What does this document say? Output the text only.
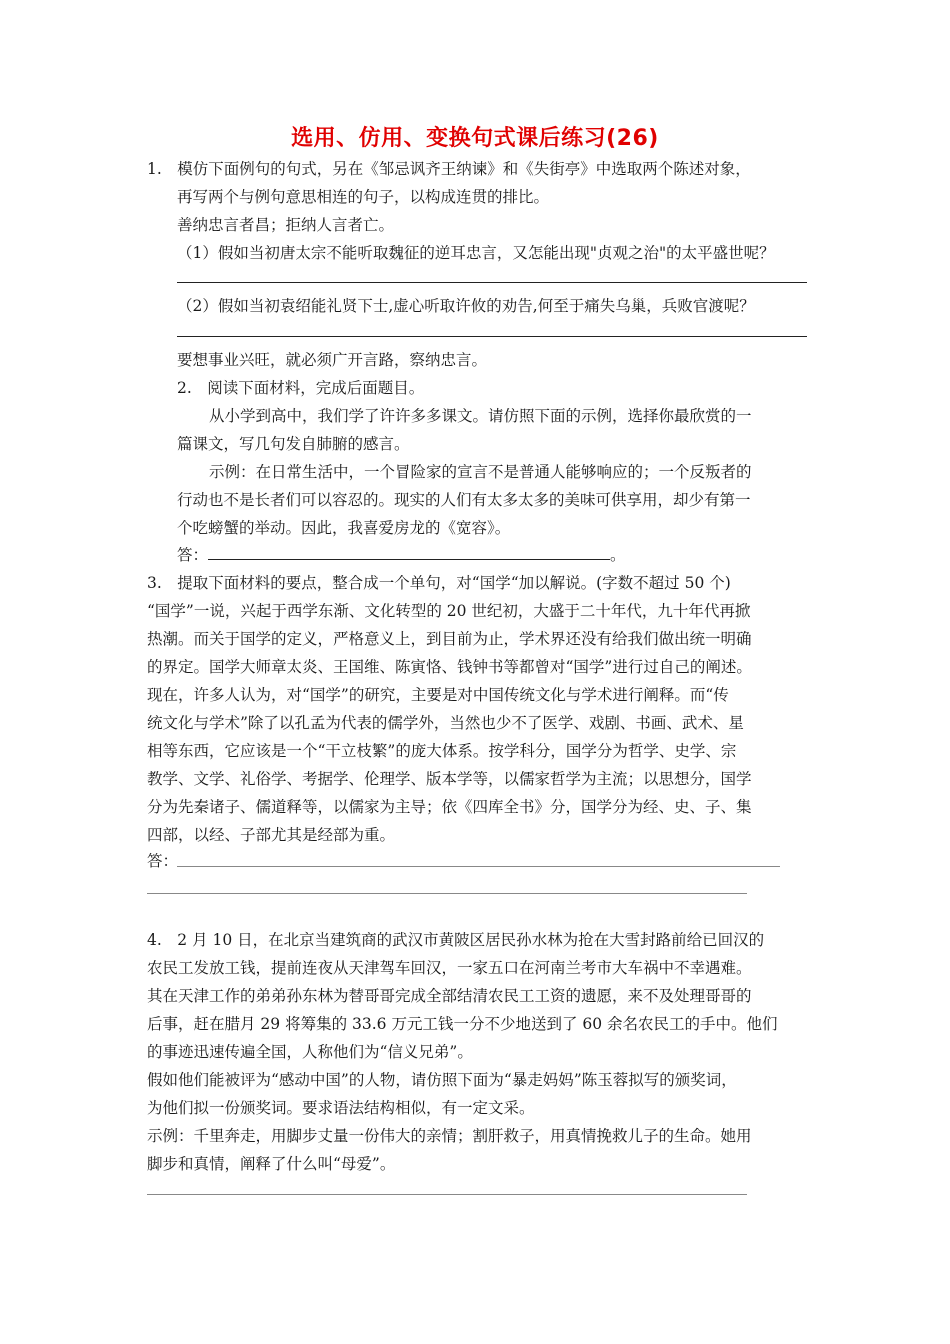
选用、仿用、变换句式课后练习(26)
1.　模仿下面例句的句式，另在《邹忌讽齐王纳谏》和《失街亭》中选取两个陈述对象，
再写两个与例句意思相连的句子，以构成连贯的排比。
善纳忠言者昌；拒纳人言者亡。
（1）假如当初唐太宗不能听取魏征的逆耳忠言，又怎能出现"贞观之治"的太平盛世呢？
（2）假如当初袁绍能礼贤下士,虚心听取许攸的劝告,何至于痛失乌巢，兵败官渡呢？
要想事业兴旺，就必须广开言路，察纳忠言。
2.　阅读下面材料，完成后面题目。
从小学到高中，我们学了许许多多课文。请仿照下面的示例，选择你最欣赏的一
篇课文，写几句发自肺腑的感言。
示例：在日常生活中，一个冒险家的宣言不是普通人能够响应的；一个反叛者的
行动也不是长者们可以容忍的。现实的人们有太多太多的美味可供享用，却少有第一
个吃螃蟹的举动。因此，我喜爱房龙的《宽容》。
答：	。
3.　提取下面材料的要点，整合成一个单句，对“国学“加以解说。(字数不超过 50 个)
“国学”一说，兴起于西学东渐、文化转型的 20 世纪初，大盛于二十年代，九十年代再掀
热潮。而关于国学的定义，严格意义上，到目前为止，学术界还没有给我们做出统一明确
的界定。国学大师章太炎、王国维、陈寅恪、钱钟书等都曾对“国学”进行过自己的阐述。
现在，许多人认为，对“国学”的研究，主要是对中国传统文化与学术进行阐释。而“传
统文化与学术”除了以孔孟为代表的儒学外，当然也少不了医学、戏剧、书画、武术、星
相等东西，它应该是一个“干立枝繁”的庞大体系。按学科分，国学分为哲学、史学、宗
教学、文学、礼俗学、考据学、伦理学、版本学等，以儒家哲学为主流；以思想分，国学
分为先秦诸子、儒道释等，以儒家为主导；依《四库全书》分，国学分为经、史、子、集
四部，以经、子部尤其是经部为重。
答：
4.　2 月 10 日，在北京当建筑商的武汉市黄陂区居民孙水林为抢在大雪封路前给已回汉的
农民工发放工钱，提前连夜从天津驾车回汉，一家五口在河南兰考市大车祸中不幸遇难。
其在天津工作的弟弟孙东林为替哥哥完成全部结清农民工工资的遗愿，来不及处理哥哥的
后事，赶在腊月 29 将筹集的 33.6 万元工钱一分不少地送到了 60 余名农民工的手中。他们
的事迹迅速传遍全国，人称他们为“信义兄弟”。
假如他们能被评为“感动中国”的人物，请仿照下面为“暴走妈妈”陈玉蓉拟写的颁奖词，
为他们拟一份颁奖词。要求语法结构相似，有一定文采。
示例：千里奔走，用脚步丈量一份伟大的亲情；割肝救子，用真情挽救儿子的生命。她用
脚步和真情，阐释了什么叫“母爱”。
